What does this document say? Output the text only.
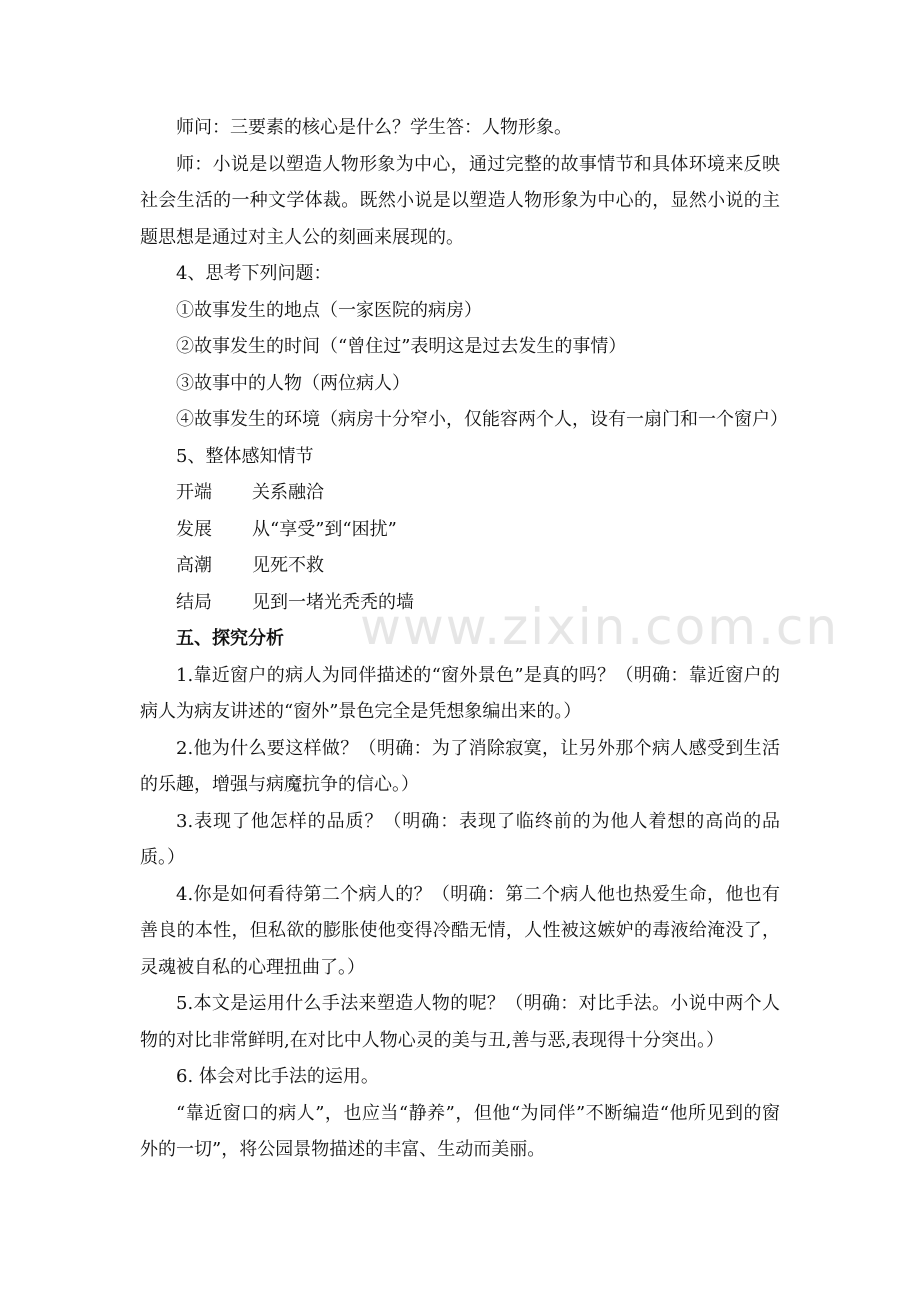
www.zixin.com.cn

师问：三要素的核心是什么？学生答：人物形象。

师：小说是以塑造人物形象为中心，通过完整的故事情节和具体环境来反映社会生活的一种文学体裁。既然小说是以塑造人物形象为中心的，显然小说的主题思想是通过对主人公的刻画来展现的。

4、思考下列问题：

①故事发生的地点（一家医院的病房）

②故事发生的时间（“曾住过”表明这是过去发生的事情）

③故事中的人物（两位病人）

④故事发生的环境（病房十分窄小，仅能容两个人，设有一扇门和一个窗户）

5、整体感知情节

开端	关系融洽
发展	从“享受”到“困扰”
高潮	见死不救
结局	见到一堵光秃秃的墙

五、探究分析

1.靠近窗户的病人为同伴描述的“窗外景色”是真的吗？（明确：靠近窗户的病人为病友讲述的“窗外”景色完全是凭想象编出来的。）

2.他为什么要这样做？（明确：为了消除寂寞，让另外那个病人感受到生活的乐趣，增强与病魔抗争的信心。）

3.表现了他怎样的品质？（明确：表现了临终前的为他人着想的高尚的品质。）

4.你是如何看待第二个病人的？（明确：第二个病人他也热爱生命，他也有善良的本性，但私欲的膨胀使他变得冷酷无情，人性被这嫉妒的毒液给淹没了，灵魂被自私的心理扭曲了。）

5.本文是运用什么手法来塑造人物的呢？（明确：对比手法。小说中两个人物的对比非常鲜明,在对比中人物心灵的美与丑,善与恶,表现得十分突出。）

6. 体会对比手法的运用。

“靠近窗口的病人”，也应当“静养”，但他“为同伴”不断编造“他所见到的窗外的一切”，将公园景物描述的丰富、生动而美丽。
